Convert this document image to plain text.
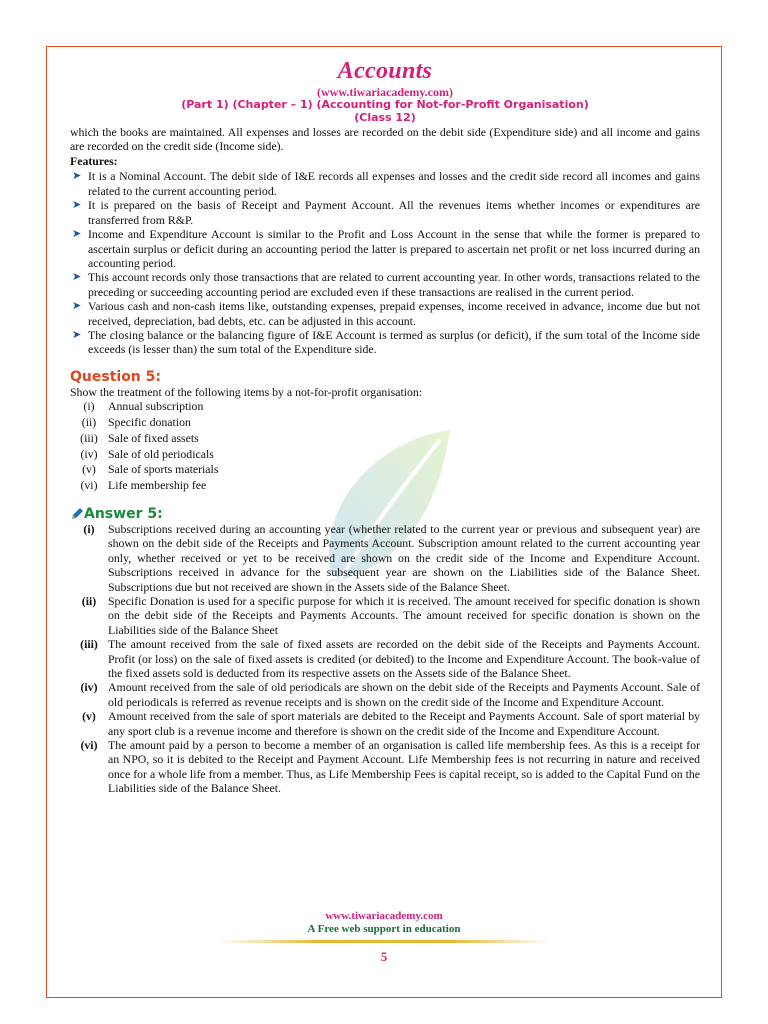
f
Accounts
(www.tiwariacademy.com)
(Part 1) (Chapter – 1) (Accounting for Not-for-Profit Organisation)
(Class 12)

which the books are maintained. All expenses and losses are recorded on the debit side (Expenditure side) and all income and gains are recorded on the credit side (Income side).

Features:
➤ It is a Nominal Account. The debit side of I&E records all expenses and losses and the credit side record all incomes and gains related to the current accounting period.
➤ It is prepared on the basis of Receipt and Payment Account. All the revenues items whether incomes or expenditures are transferred from R&P.
➤ Income and Expenditure Account is similar to the Profit and Loss Account in the sense that while the former is prepared to ascertain surplus or deficit during an accounting period the latter is prepared to ascertain net profit or net loss incurred during an accounting period.
➤ This account records only those transactions that are related to current accounting year. In other words, transactions related to the preceding or succeeding accounting period are excluded even if these transactions are realised in the current period.
➤ Various cash and non-cash items like, outstanding expenses, prepaid expenses, income received in advance, income due but not received, depreciation, bad debts, etc. can be adjusted in this account.
➤ The closing balance or the balancing figure of I&E Account is termed as surplus (or deficit), if the sum total of the Income side exceeds (is lesser than) the sum total of the Expenditure side.
Question 5:

Show the treatment of the following items by a not-for-profit organisation:

(i)	Annual subscription
(ii) Specific donation
(iii) Sale of fixed assets
(iv) Sale of old periodicals
(v)	Sale of sports materials
(vi) Life membership fee
Answer 5:
(i)	Subscriptions received during an accounting year (whether related to the current year or previous and subsequent year) are shown on the debit side of the Receipts and Payments Account. Subscription amount related to the current accounting year only, whether received or yet to be received are shown on the credit side of the Income and Expenditure Account. Subscriptions received in advance for the subsequent year are shown on the Liabilities side of the Balance Sheet. Subscriptions due but not received are shown in the Assets side of the Balance Sheet.
(ii) Specific Donation is used for a specific purpose for which it is received. The amount received for specific donation is shown on the debit side of the Receipts and Payments Accounts. The amount received for specific donation is shown on the Liabilities side of the Balance Sheet
(iii) The amount received from the sale of fixed assets are recorded on the debit side of the Receipts and Payments Account. Profit (or loss) on the sale of fixed assets is credited (or debited) to the Income and Expenditure Account. The book-value of the fixed assets sold is deducted from its respective assets on the Assets side of the Balance Sheet.
(iv) Amount received from the sale of old periodicals are shown on the debit side of the Receipts and Payments Account. Sale of old periodicals is referred as revenue receipts and is shown on the credit side of the Income and Expenditure Account.
(v)	Amount received from the sale of sport materials are debited to the Receipt and Payments Account. Sale of sport material by any sport club is a revenue income and therefore is shown on the credit side of the Income and Expenditure Account.
(vi) The amount paid by a person to become a member of an organisation is called life membership fees. As this is a receipt for an NPO, so it is debited to the Receipt and Payment Account. Life Membership fees is not recurring in nature and received once for a whole life from a member. Thus, as Life Membership Fees is capital receipt, so is added to the Capital Fund on the Liabilities side of the Balance Sheet.
www.tiwariacademy.com
A Free web support in education
5
